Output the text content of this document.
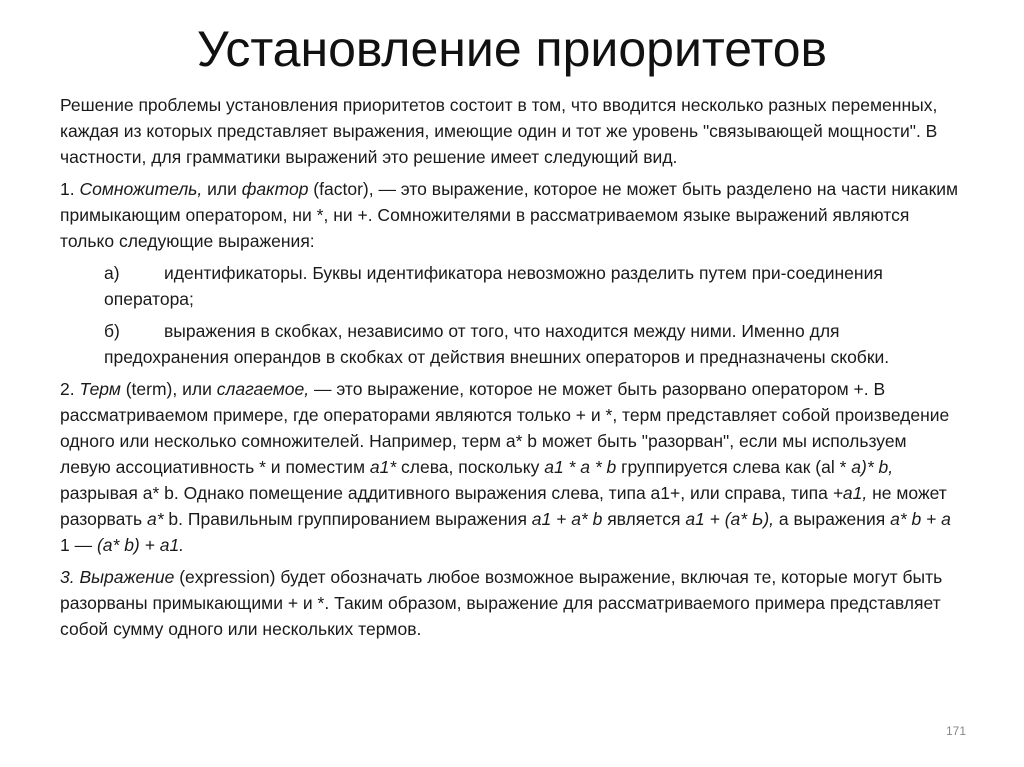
Установление приоритетов

Решение проблемы установления приоритетов состоит в том, что вводится несколько разных переменных, каждая из которых представляет выражения, имеющие один и тот же уровень "связывающей мощности". В частности, для грамматики выражений это решение имеет следующий вид.

1. Сомножитель, или фактор (factor), — это выражение, которое не может быть разделено на части никаким примыкающим оператором, ни *, ни +. Сомножителями в рассматриваемом языке выражений являются только следующие выражения:

а)	идентификаторы. Буквы идентификатора невозможно разделить путем при-соединения оператора;

б)	выражения в скобках, независимо от того, что находится между ними. Именно для предохранения операндов в скобках от действия внешних операторов и предназначены скобки.

2. Терм (term), или слагаемое, — это выражение, которое не может быть разорвано оператором +. В рассматриваемом примере, где операторами являются только + и *, терм представляет собой произведение одного или несколько сомножителей. Например, терм а* b может быть "разорван", если мы используем левую ассоциативность * и поместим a1* слева, поскольку a1 * a * b группируется слева как (al * a)* b, разрывая а* b. Однако помещение аддитивного выражения слева, типа а1+, или справа, типа +a1, не может разорвать a* b. Правильным группированием выражения a1 + a* b является a1 + (a* Ь), а выражения a* b + a 1 — (a* b) + a1.

3. Выражение (expression) будет обозначать любое возможное выражение, включая те, которые могут быть разорваны примыкающими + и *. Таким образом, выражение для рассматриваемого примера представляет собой сумму одного или нескольких термов.

171
